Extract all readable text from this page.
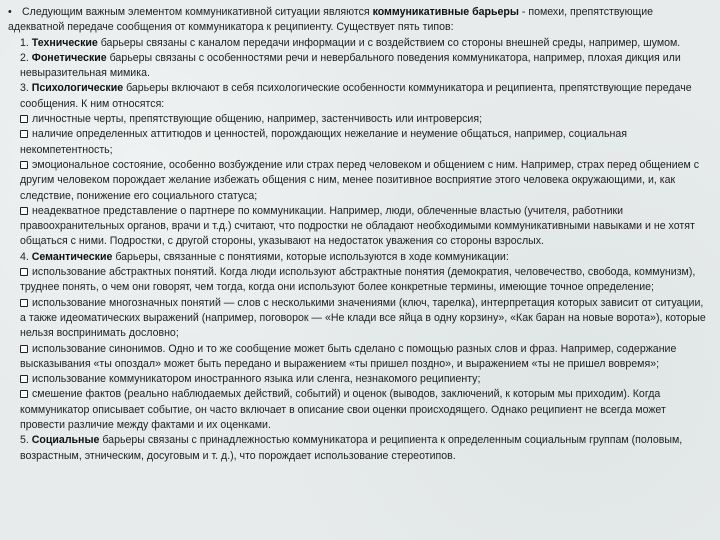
• Следующим важным элементом коммуникативной ситуации являются коммуникативные барьеры - помехи, препятствующие адекватной передаче сообщения от коммуникатора к реципиенту. Существует пять типов:

1. Технические барьеры связаны с каналом передачи информации и с воздействием со стороны внешней среды, например, шумом.

2. Фонетические барьеры связаны с особенностями речи и невербального поведения коммуникатора, например, плохая дикция или невыразительная мимика.

3. Психологические барьеры включают в себя психологические особенности коммуникатора и реципиента, препятствующие передаче сообщения. К ним относятся:

личностные черты, препятствующие общению, например, застенчивость или интроверсия;

наличие определенных аттитюдов и ценностей, порождающих нежелание и неумение общаться, например, социальная некомпетентность;

эмоциональное состояние, особенно возбуждение или страх перед человеком и общением с ним. Например, страх перед общением с другим человеком порождает желание избежать общения с ним, менее позитивное восприятие этого человека окружающими, и, как следствие, понижение его социального статуса;

неадекватное представление о партнере по коммуникации. Например, люди, облеченные властью (учителя, работники правоохранительных органов, врачи и т.д.) считают, что подростки не обладают необходимыми коммуникативными навыками и не хотят общаться с ними. Подростки, с другой стороны, указывают на недостаток уважения со стороны взрослых.

4. Семантические барьеры, связанные с понятиями, которые используются в ходе коммуникации:

использование абстрактных понятий. Когда люди используют абстрактные понятия (демократия, человечество, свобода, коммунизм), труднее понять, о чем они говорят, чем тогда, когда они используют более конкретные термины, имеющие точное определение;

использование многозначных понятий — слов с несколькими значениями (ключ, тарелка), интерпретация которых зависит от ситуации, а также идеоматических выражений (например, поговорок — «Не клади все яйца в одну корзину», «Как баран на новые ворота»), которые нельзя воспринимать дословно;

использование синонимов. Одно и то же сообщение может быть сделано с помощью разных слов и фраз. Например, содержание высказывания «ты опоздал» может быть передано и выражением «ты пришел поздно», и выражением «ты не пришел вовремя»;

использование коммуникатором иностранного языка или сленга, незнакомого реципиенту;

смешение фактов (реально наблюдаемых действий, событий) и оценок (выводов, заключений, к которым мы приходим). Когда коммуникатор описывает событие, он часто включает в описание свои оценки происходящего. Однако реципиент не всегда может провести различие между фактами и их оценками.

5. Социальные барьеры связаны с принадлежностью коммуникатора и реципиента к определенным социальным группам (половым, возрастным, этническим, досуговым и т. д.), что порождает использование стереотипов.
